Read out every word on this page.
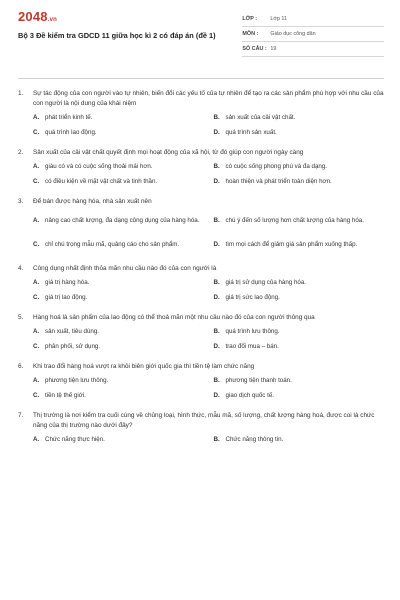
2048.vn
Bộ 3 Đề kiểm tra GDCD 11 giữa học kì 2 có đáp án (đề 1)
LỚP :	Lớp 11
MÔN :	Giáo dục công dân
SỐ CÂU : 19
1.	Sự tác động của con người vào tự nhiên, biến đổi các yếu tố của tự nhiên để tạo ra các sản phẩm phù hợp với nhu cầu của con người là nội dung của khái niệm
A. phát triển kinh tế.	B. sản xuất của cải vật chất.
C. quá trình lao động.	D. quá trình sản xuất.
2.	Sản xuất của cải vật chất quyết định mọi hoạt động của xã hội, từ đó giúp con người ngày càng
A. giàu có và có cuộc sống thoải mái hơn.	B. có cuộc sống phong phú và đa dạng.
C. có điều kiện về mặt vật chất và tinh thần.	D. hoàn thiện và phát triển toàn diện hơn.
3.	Để bán được hàng hóa, nhà sản xuất nên
A. nâng cao chất lượng, đa dạng công dụng của hàng hóa.	B. chú ý đến số lượng hơn chất lượng của hàng hóa.
C. chỉ chú trọng mẫu mã, quảng cáo cho sản phẩm.	D. tìm mọi cách để giảm giá sản phẩm xuống thấp.
4.	Công dụng nhất định thỏa mãn nhu cầu nào đó của con người là
A. giá trị hàng hóa.	B. giá trị sử dụng của hàng hóa.
C. giá trị lao động.	D. giá trị sức lao động.
5.	Hàng hoá là sản phẩm của lao động có thể thoả mãn một nhu cầu nào đó của con người thông qua
A. sản xuất, tiêu dùng.	B. quá trình lưu thông.
C. phân phối, sử dụng.	D. trao đổi mua – bán.
6.	Khi trao đổi hàng hoá vượt ra khỏi biên giới quốc gia thì tiền tệ làm chức năng
A. phương tiện lưu thông.	B. phương tiện thanh toán.
C. tiền tệ thế giới.	D. giao dịch quốc tế.
7.	Thị trường là nơi kiểm tra cuối cùng về chủng loại, hình thức, mẫu mã, số lượng, chất lượng hàng hoá, được coi là chức năng của thị trường nào dưới đây?
A. Chức năng thực hiện.	B. Chức năng thông tin.
